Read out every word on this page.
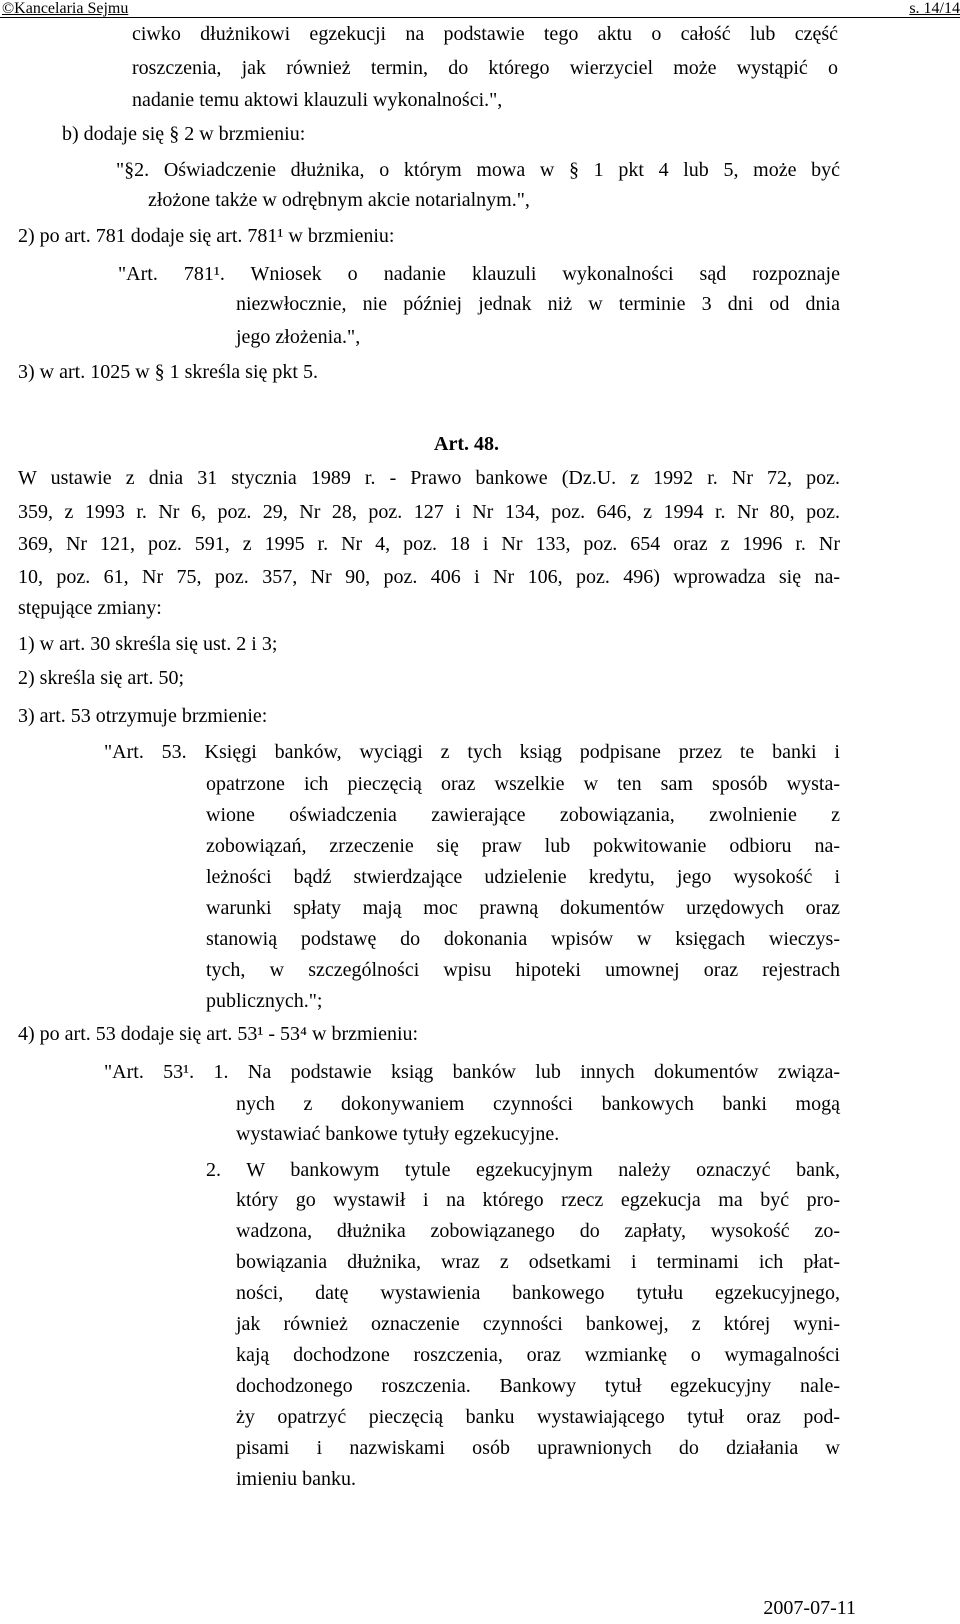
©Kancelaria Sejmu	s. 14/14
ciwko dłużnikowi egzekucji na podstawie tego aktu o całość lub część
roszczenia, jak również termin, do którego wierzyciel może wystąpić o
nadanie temu aktowi klauzuli wykonalności.",
b) dodaje się § 2 w brzmieniu:
"§2. Oświadczenie dłużnika, o którym mowa w § 1 pkt 4 lub 5, może być
złożone także w odrębnym akcie notarialnym.",
2) po art. 781 dodaje się art. 781¹ w brzmieniu:
"Art. 781¹. Wniosek o nadanie klauzuli wykonalności sąd rozpoznaje
niezwłocznie, nie później jednak niż w terminie 3 dni od dnia
jego złożenia.",
3) w art. 1025 w § 1 skreśla się pkt 5.
Art. 48.
W ustawie z dnia 31 stycznia 1989 r. - Prawo bankowe (Dz.U. z 1992 r. Nr 72, poz.
359, z 1993 r. Nr 6, poz. 29, Nr 28, poz. 127 i Nr 134, poz. 646, z 1994 r. Nr 80, poz.
369, Nr 121, poz. 591, z 1995 r. Nr 4, poz. 18 i Nr 133, poz. 654 oraz z 1996 r. Nr
10, poz. 61, Nr 75, poz. 357, Nr 90, poz. 406 i Nr 106, poz. 496) wprowadza się na-
stępujące zmiany:
1) w art. 30 skreśla się ust. 2 i 3;
2) skreśla się art. 50;
3) art. 53 otrzymuje brzmienie:
"Art. 53. Księgi banków, wyciągi z tych ksiąg podpisane przez te banki i
opatrzone ich pieczęcią oraz wszelkie w ten sam sposób wysta-
wione oświadczenia zawierające zobowiązania, zwolnienie z
zobowiązań, zrzeczenie się praw lub pokwitowanie odbioru na-
leżności bądź stwierdzające udzielenie kredytu, jego wysokość i
warunki spłaty mają moc prawną dokumentów urzędowych oraz
stanowią podstawę do dokonania wpisów w księgach wieczys-
tych, w szczególności wpisu hipoteki umownej oraz rejestrach
publicznych.";
4) po art. 53 dodaje się art. 53¹ - 53⁴ w brzmieniu:
"Art. 53¹. 1. Na podstawie ksiąg banków lub innych dokumentów związa-
nych z dokonywaniem czynności bankowych banki mogą
wystawiać bankowe tytuły egzekucyjne.
2. W bankowym tytule egzekucyjnym należy oznaczyć bank,
który go wystawił i na którego rzecz egzekucja ma być pro-
wadzona, dłużnika zobowiązanego do zapłaty, wysokość zo-
bowiązania dłużnika, wraz z odsetkami i terminami ich płat-
ności, datę wystawienia bankowego tytułu egzekucyjnego,
jak również oznaczenie czynności bankowej, z której wyni-
kają dochodzone roszczenia, oraz wzmiankę o wymagalności
dochodzonego roszczenia. Bankowy tytuł egzekucyjny nale-
ży opatrzyć pieczęcią banku wystawiającego tytuł oraz pod-
pisami i nazwiskami osób uprawnionych do działania w
imieniu banku.
2007-07-11
